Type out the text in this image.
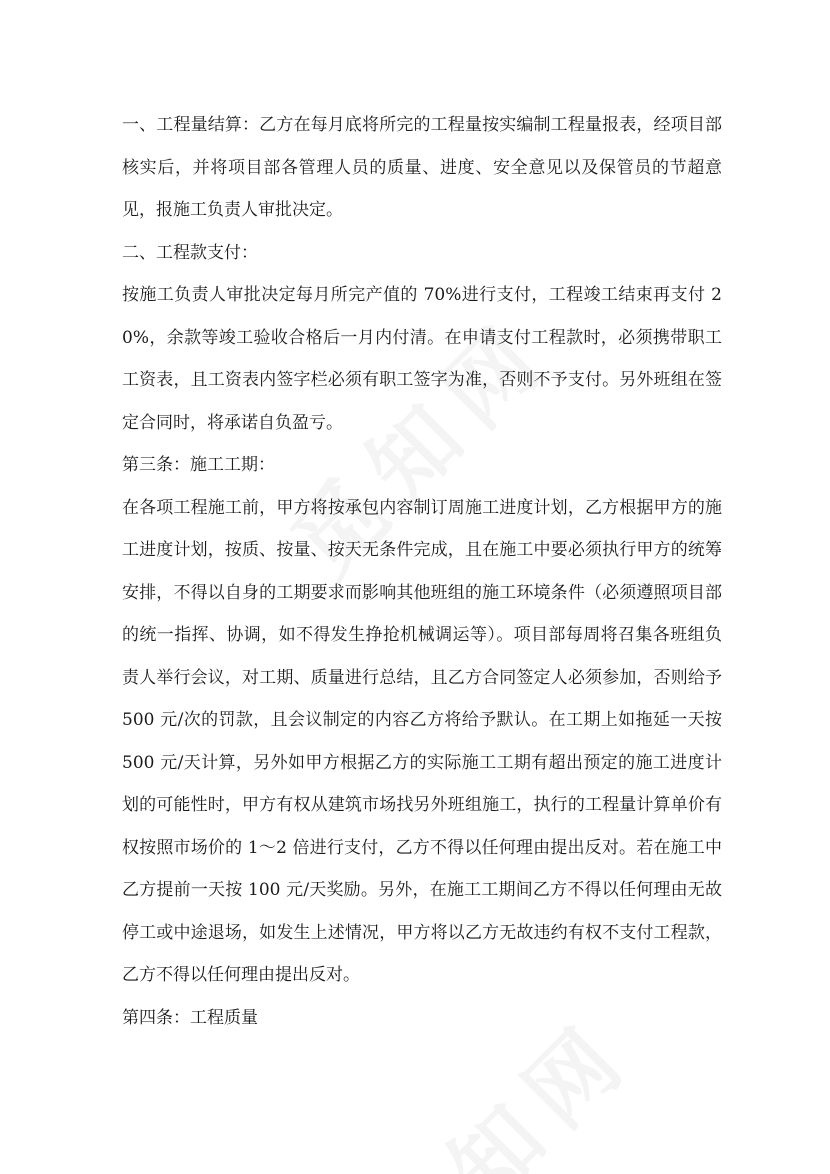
一、工程量结算：乙方在每月底将所完的工程量按实编制工程量报表，经项目部核实后，并将项目部各管理人员的质量、进度、安全意见以及保管员的节超意见，报施工负责人审批决定。

二、工程款支付：

按施工负责人审批决定每月所完产值的 70%进行支付，工程竣工结束再支付 20%，余款等竣工验收合格后一月内付清。在申请支付工程款时，必须携带职工工资表，且工资表内签字栏必须有职工签字为准，否则不予支付。另外班组在签定合同时，将承诺自负盈亏。

第三条：施工工期：

在各项工程施工前，甲方将按承包内容制订周施工进度计划，乙方根据甲方的施工进度计划，按质、按量、按天无条件完成，且在施工中要必须执行甲方的统筹安排，不得以自身的工期要求而影响其他班组的施工环境条件（必须遵照项目部的统一指挥、协调，如不得发生挣抢机械调运等）。项目部每周将召集各班组负责人举行会议，对工期、质量进行总结，且乙方合同签定人必须参加，否则给予 500 元/次的罚款，且会议制定的内容乙方将给予默认。在工期上如拖延一天按 500 元/天计算，另外如甲方根据乙方的实际施工工期有超出预定的施工进度计划的可能性时，甲方有权从建筑市场找另外班组施工，执行的工程量计算单价有权按照市场价的 1～2 倍进行支付，乙方不得以任何理由提出反对。若在施工中乙方提前一天按 100 元/天奖励。另外，在施工工期间乙方不得以任何理由无故停工或中途退场，如发生上述情况，甲方将以乙方无故违约有权不支付工程款，乙方不得以任何理由提出反对。

第四条：工程质量
